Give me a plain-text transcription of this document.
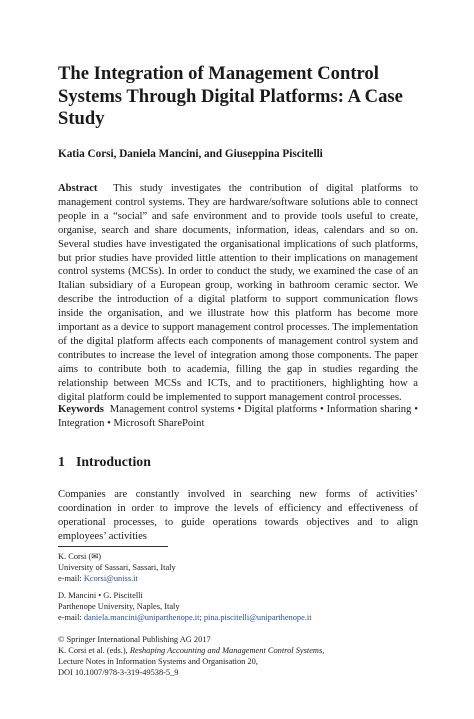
The Integration of Management Control Systems Through Digital Platforms: A Case Study
Katia Corsi, Daniela Mancini, and Giuseppina Piscitelli

Abstract This study investigates the contribution of digital platforms to management control systems. They are hardware/software solutions able to connect people in a “social” and safe environment and to provide tools useful to create, organise, search and share documents, information, ideas, calendars and so on. Several studies have investigated the organisational implications of such platforms, but prior studies have provided little attention to their implications on management control systems (MCSs). In order to conduct the study, we examined the case of an Italian subsidiary of a European group, working in bathroom ceramic sector. We describe the introduction of a digital platform to support communication flows inside the organisation, and we illustrate how this platform has become more important as a device to support management control processes. The implementation of the digital platform affects each components of management control system and contributes to increase the level of integration among those components. The paper aims to contribute both to academia, filling the gap in studies regarding the relationship between MCSs and ICTs, and to practitioners, highlighting how a digital platform could be implemented to support management control processes.

Keywords Management control systems • Digital platforms • Information sharing • Integration • Microsoft SharePoint

1 Introduction

Companies are constantly involved in searching new forms of activities’ coordination in order to improve the levels of efficiency and effectiveness of operational processes, to guide operations towards objectives and to align employees’ activities

K. Corsi (✉)
University of Sassari, Sassari, Italy
e-mail: Kcorsi@uniss.it
D. Mancini • G. Piscitelli
Parthenope University, Naples, Italy
e-mail: daniela.mancini@uniparthenope.it; pina.piscitelli@uniparthenope.it
© Springer International Publishing AG 2017
K. Corsi et al. (eds.), Reshaping Accounting and Management Control Systems,
Lecture Notes in Information Systems and Organisation 20,
DOI 10.1007/978-3-319-49538-5_9
